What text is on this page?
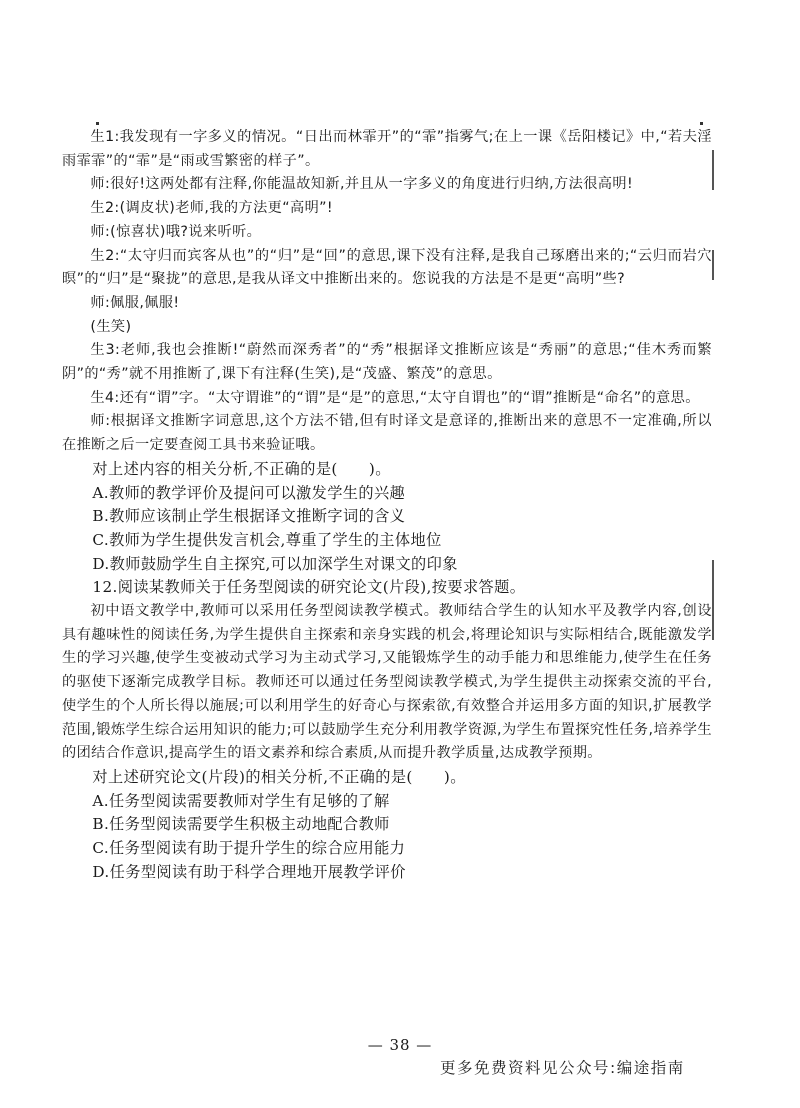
生1:我发现有一字多义的情况。“日出而林霏开”的“霏”指雾气;在上一课《岳阳楼记》中,“若夫淫雨霏霏”的“霏”是“雨或雪繁密的样子”。

师:很好!这两处都有注释,你能温故知新,并且从一字多义的角度进行归纳,方法很高明!

生2:(调皮状)老师,我的方法更“高明”!

师:(惊喜状)哦?说来听听。

生2:“太守归而宾客从也”的“归”是“回”的意思,课下没有注释,是我自己琢磨出来的;“云归而岩穴暝”的“归”是“聚拢”的意思,是我从译文中推断出来的。您说我的方法是不是更“高明”些?

师:佩服,佩服!

(生笑)

生3:老师,我也会推断!“蔚然而深秀者”的“秀”根据译文推断应该是“秀丽”的意思;“佳木秀而繁阴”的“秀”就不用推断了,课下有注释(生笑),是“茂盛、繁茂”的意思。

生4:还有“谓”字。“太守谓谁”的“谓”是“是”的意思,“太守自谓也”的“谓”推断是“命名”的意思。

师:根据译文推断字词意思,这个方法不错,但有时译文是意译的,推断出来的意思不一定准确,所以在推断之后一定要查阅工具书来验证哦。

对上述内容的相关分析,不正确的是(　　)。

A.教师的教学评价及提问可以激发学生的兴趣

B.教师应该制止学生根据译文推断字词的含义

C.教师为学生提供发言机会,尊重了学生的主体地位

D.教师鼓励学生自主探究,可以加深学生对课文的印象

12.阅读某教师关于任务型阅读的研究论文(片段),按要求答题。

初中语文教学中,教师可以采用任务型阅读教学模式。教师结合学生的认知水平及教学内容,创设具有趣味性的阅读任务,为学生提供自主探索和亲身实践的机会,将理论知识与实际相结合,既能激发学生的学习兴趣,使学生变被动式学习为主动式学习,又能锻炼学生的动手能力和思维能力,使学生在任务的驱使下逐渐完成教学目标。教师还可以通过任务型阅读教学模式,为学生提供主动探索交流的平台,使学生的个人所长得以施展;可以利用学生的好奇心与探索欲,有效整合并运用多方面的知识,扩展教学范围,锻炼学生综合运用知识的能力;可以鼓励学生充分利用教学资源,为学生布置探究性任务,培养学生的团结合作意识,提高学生的语文素养和综合素质,从而提升教学质量,达成教学预期。

对上述研究论文(片段)的相关分析,不正确的是(　　)。

A.任务型阅读需要教师对学生有足够的了解

B.任务型阅读需要学生积极主动地配合教师

C.任务型阅读有助于提升学生的综合应用能力

D.任务型阅读有助于科学合理地开展教学评价

— 38 —
更多免费资料见公众号:编途指南
